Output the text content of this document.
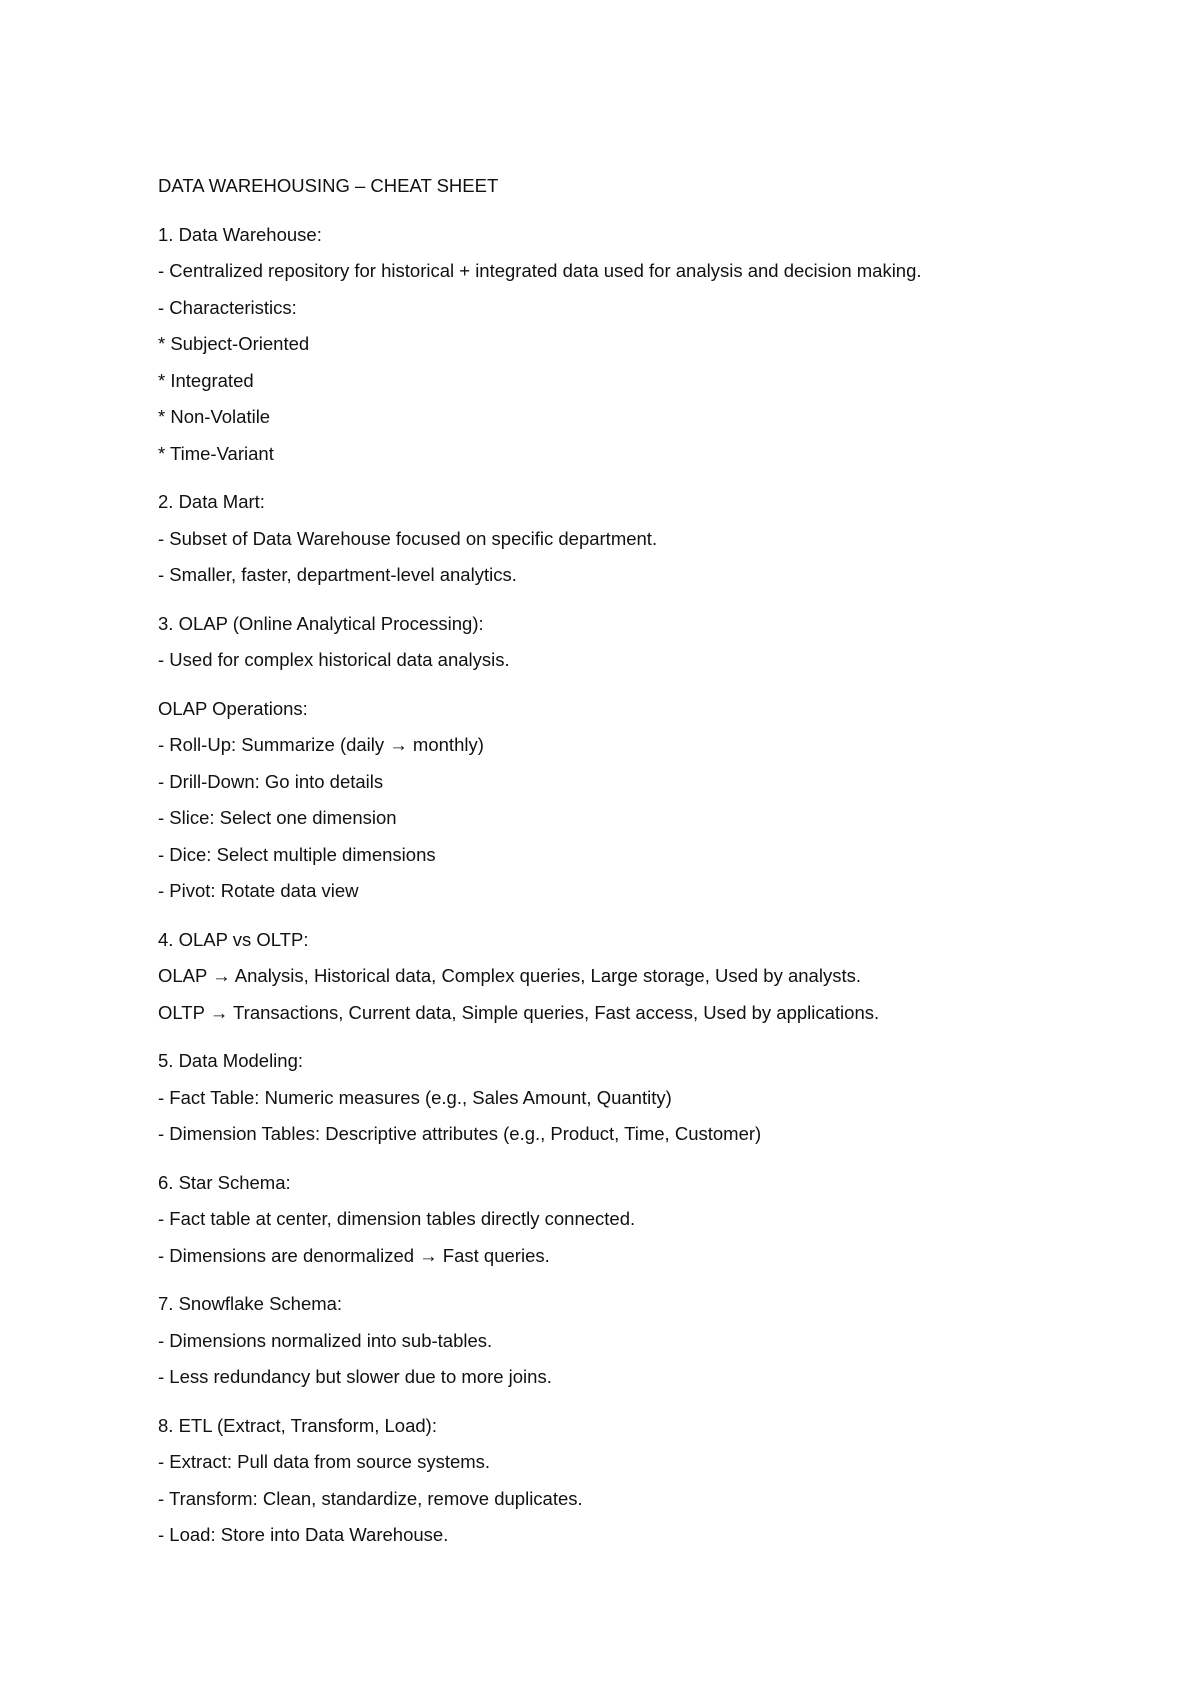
DATA WAREHOUSING – CHEAT SHEET

1. Data Warehouse:

- Centralized repository for historical + integrated data used for analysis and decision making.

- Characteristics:

* Subject-Oriented

* Integrated

* Non-Volatile

* Time-Variant

2. Data Mart:

- Subset of Data Warehouse focused on specific department.

- Smaller, faster, department-level analytics.

3. OLAP (Online Analytical Processing):

- Used for complex historical data analysis.

OLAP Operations:

- Roll-Up: Summarize (daily → monthly)

- Drill-Down: Go into details

- Slice: Select one dimension

- Dice: Select multiple dimensions

- Pivot: Rotate data view

4. OLAP vs OLTP:

OLAP → Analysis, Historical data, Complex queries, Large storage, Used by analysts.

OLTP → Transactions, Current data, Simple queries, Fast access, Used by applications.

5. Data Modeling:

- Fact Table: Numeric measures (e.g., Sales Amount, Quantity)

- Dimension Tables: Descriptive attributes (e.g., Product, Time, Customer)

6. Star Schema:

- Fact table at center, dimension tables directly connected.

- Dimensions are denormalized → Fast queries.

7. Snowflake Schema:

- Dimensions normalized into sub-tables.

- Less redundancy but slower due to more joins.

8. ETL (Extract, Transform, Load):

- Extract: Pull data from source systems.

- Transform: Clean, standardize, remove duplicates.

- Load: Store into Data Warehouse.
